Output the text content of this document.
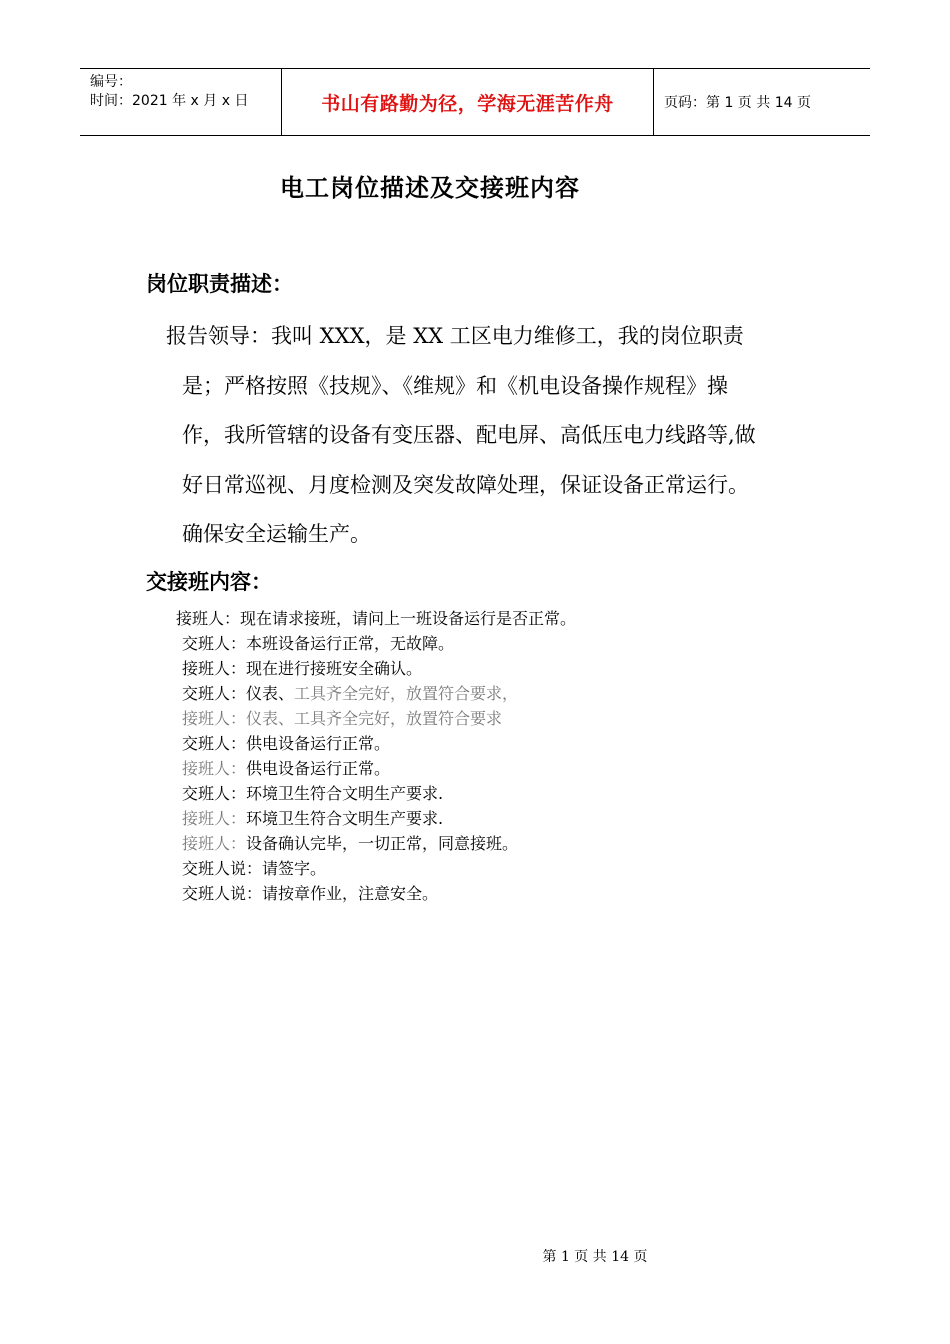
编号：
时间：2021 年 x 月 x 日	书山有路勤为径，学海无涯苦作舟	页码：第 1 页 共 14 页
电工岗位描述及交接班内容
岗位职责描述：
报告领导：我叫 XXX，是 XX 工区电力维修工，我的岗位职责
是；严格按照《技规》、《维规》和《机电设备操作规程》操
作，我所管辖的设备有变压器、配电屏、高低压电力线路等,做
好日常巡视、月度检测及突发故障处理，保证设备正常运行。
确保安全运输生产。
交接班内容：
接班人：现在请求接班，请问上一班设备运行是否正常。
交班人：本班设备运行正常，无故障。
接班人：现在进行接班安全确认。
交班人：仪表、工具齐全完好，放置符合要求，
接班人：仪表、工具齐全完好，放置符合要求
交班人：供电设备运行正常。
接班人：供电设备运行正常。
交班人：环境卫生符合文明生产要求.
接班人：环境卫生符合文明生产要求.
接班人：设备确认完毕，一切正常，同意接班。
交班人说：请签字。
交班人说：请按章作业，注意安全。
第 1 页 共 14 页
